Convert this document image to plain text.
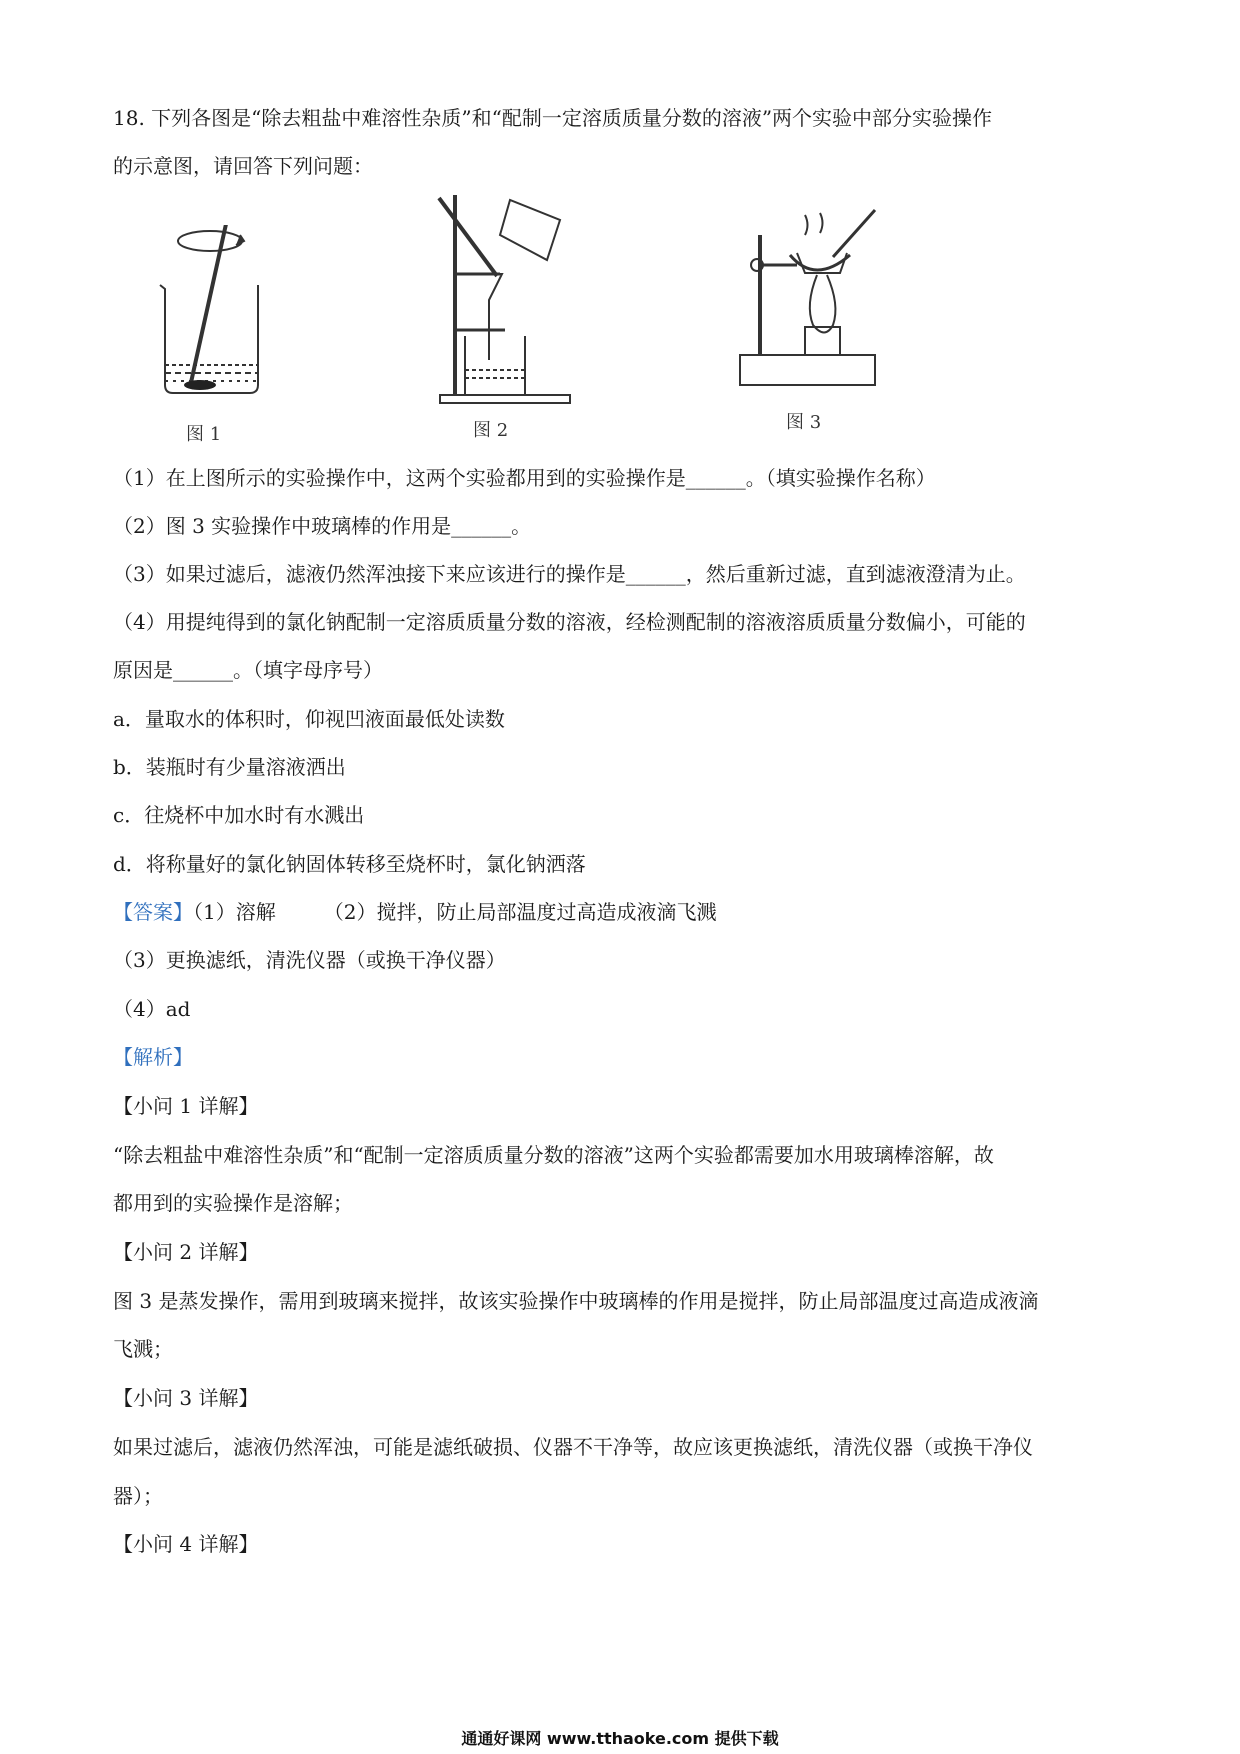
18. 下列各图是“除去粗盐中难溶性杂质”和“配制一定溶质质量分数的溶液”两个实验中部分实验操作
的示意图，请回答下列问题：
图 1	图 2	图 3
（1）在上图所示的实验操作中，这两个实验都用到的实验操作是______。（填实验操作名称）
（2）图 3 实验操作中玻璃棒的作用是______。
（3）如果过滤后，滤液仍然浑浊接下来应该进行的操作是______，然后重新过滤，直到滤液澄清为止。
（4）用提纯得到的氯化钠配制一定溶质质量分数的溶液，经检测配制的溶液溶质质量分数偏小，可能的
原因是______。（填字母序号）
a．量取水的体积时，仰视凹液面最低处读数
b．装瓶时有少量溶液洒出
c．往烧杯中加水时有水溅出
d．将称量好的氯化钠固体转移至烧杯时，氯化钠洒落
【答案】（1）溶解 （2）搅拌，防止局部温度过高造成液滴飞溅
（3）更换滤纸，清洗仪器（或换干净仪器）
（4）ad
【解析】
【小问 1 详解】
“除去粗盐中难溶性杂质”和“配制一定溶质质量分数的溶液”这两个实验都需要加水用玻璃棒溶解，故
都用到的实验操作是溶解；
【小问 2 详解】
图 3 是蒸发操作，需用到玻璃来搅拌，故该实验操作中玻璃棒的作用是搅拌，防止局部温度过高造成液滴
飞溅；
【小问 3 详解】
如果过滤后，滤液仍然浑浊，可能是滤纸破损、仪器不干净等，故应该更换滤纸，清洗仪器（或换干净仪
器）；
【小问 4 详解】
通通好课网 www.tthaoke.com 提供下载
